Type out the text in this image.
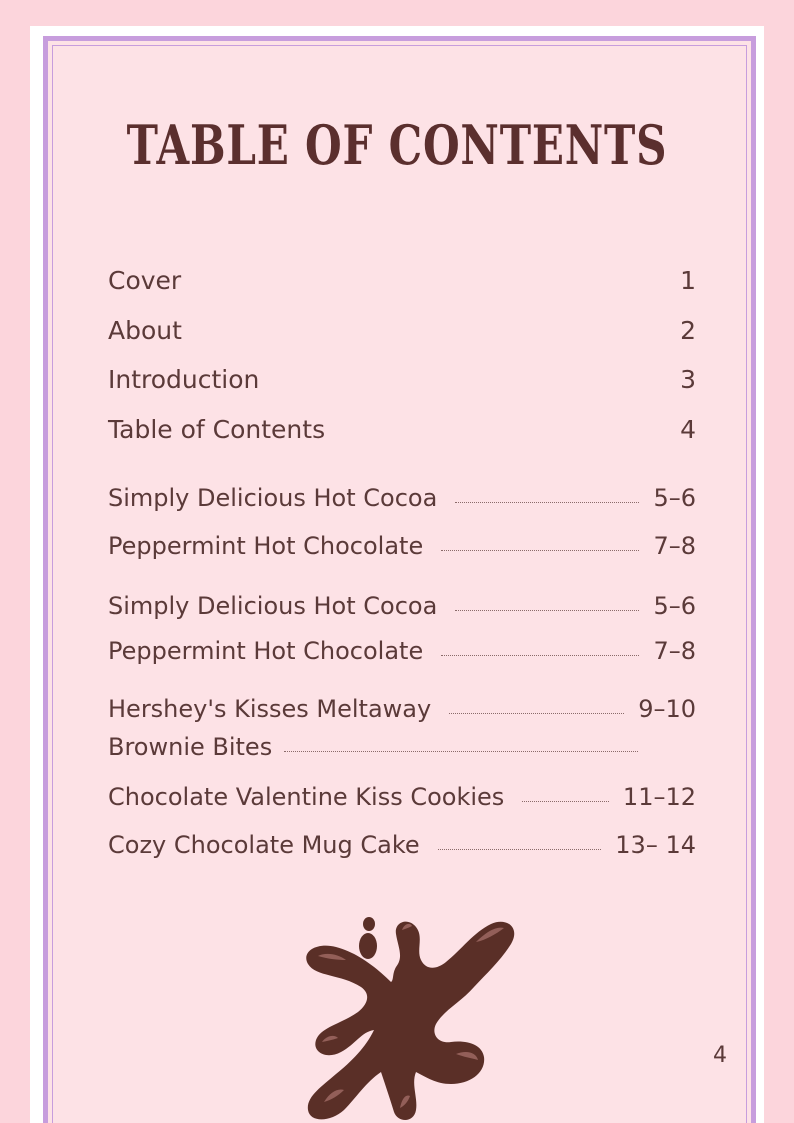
TABLE OF CONTENTS
Cover	1
About	2
Introduction	3
Table of Contents	4
Simply Delicious Hot Cocoa	5–6
Peppermint Hot Chocolate	7–8
Simply Delicious Hot Cocoa	5–6
Peppermint Hot Chocolate	7–8
Hershey's Kisses Meltaway	9–10
Brownie Bites
Chocolate Valentine Kiss Cookies	11–12
Cozy Chocolate Mug Cake	13– 14
4
